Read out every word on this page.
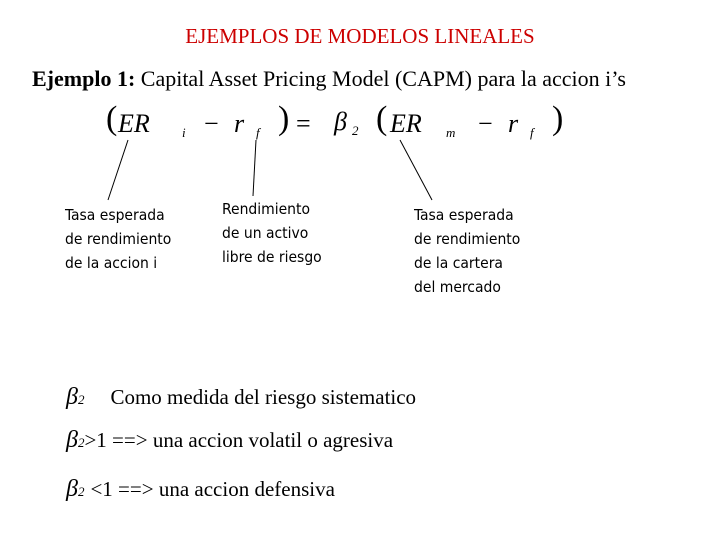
EJEMPLOS DE MODELOS LINEALES
Ejemplo 1: Capital Asset Pricing Model (CAPM) para la accion i’s
( ER i − r f ) = β 2 ( ER m − r f )
Tasa esperada
de rendimiento
de la accion i
Rendimiento
de un activo
libre de riesgo
Tasa esperada
de rendimiento
de la cartera
del mercado
β2 Como medida del riesgo sistematico
β2>1 ==> una accion volatil o agresiva
β2 <1 ==> una accion defensiva
